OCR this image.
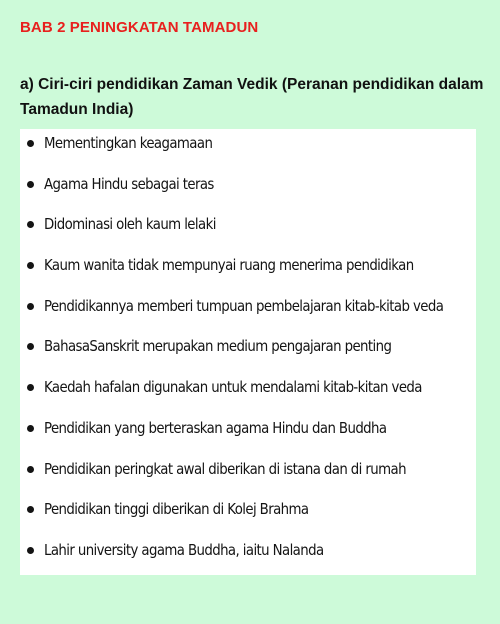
BAB 2 PENINGKATAN TAMADUN
a) Ciri-ciri pendidikan Zaman Vedik (Peranan pendidikan dalam Tamadun India)
Mementingkan keagamaan
Agama Hindu sebagai teras
Didominasi oleh kaum lelaki
Kaum wanita tidak mempunyai ruang menerima pendidikan
Pendidikannya memberi tumpuan pembelajaran kitab-kitab veda
BahasaSanskrit merupakan medium pengajaran penting
Kaedah hafalan digunakan untuk mendalami kitab-kitan veda
Pendidikan yang berteraskan agama Hindu dan Buddha
Pendidikan peringkat awal diberikan di istana dan di rumah
Pendidikan tinggi diberikan di Kolej Brahma
Lahir university agama Buddha, iaitu Nalanda
